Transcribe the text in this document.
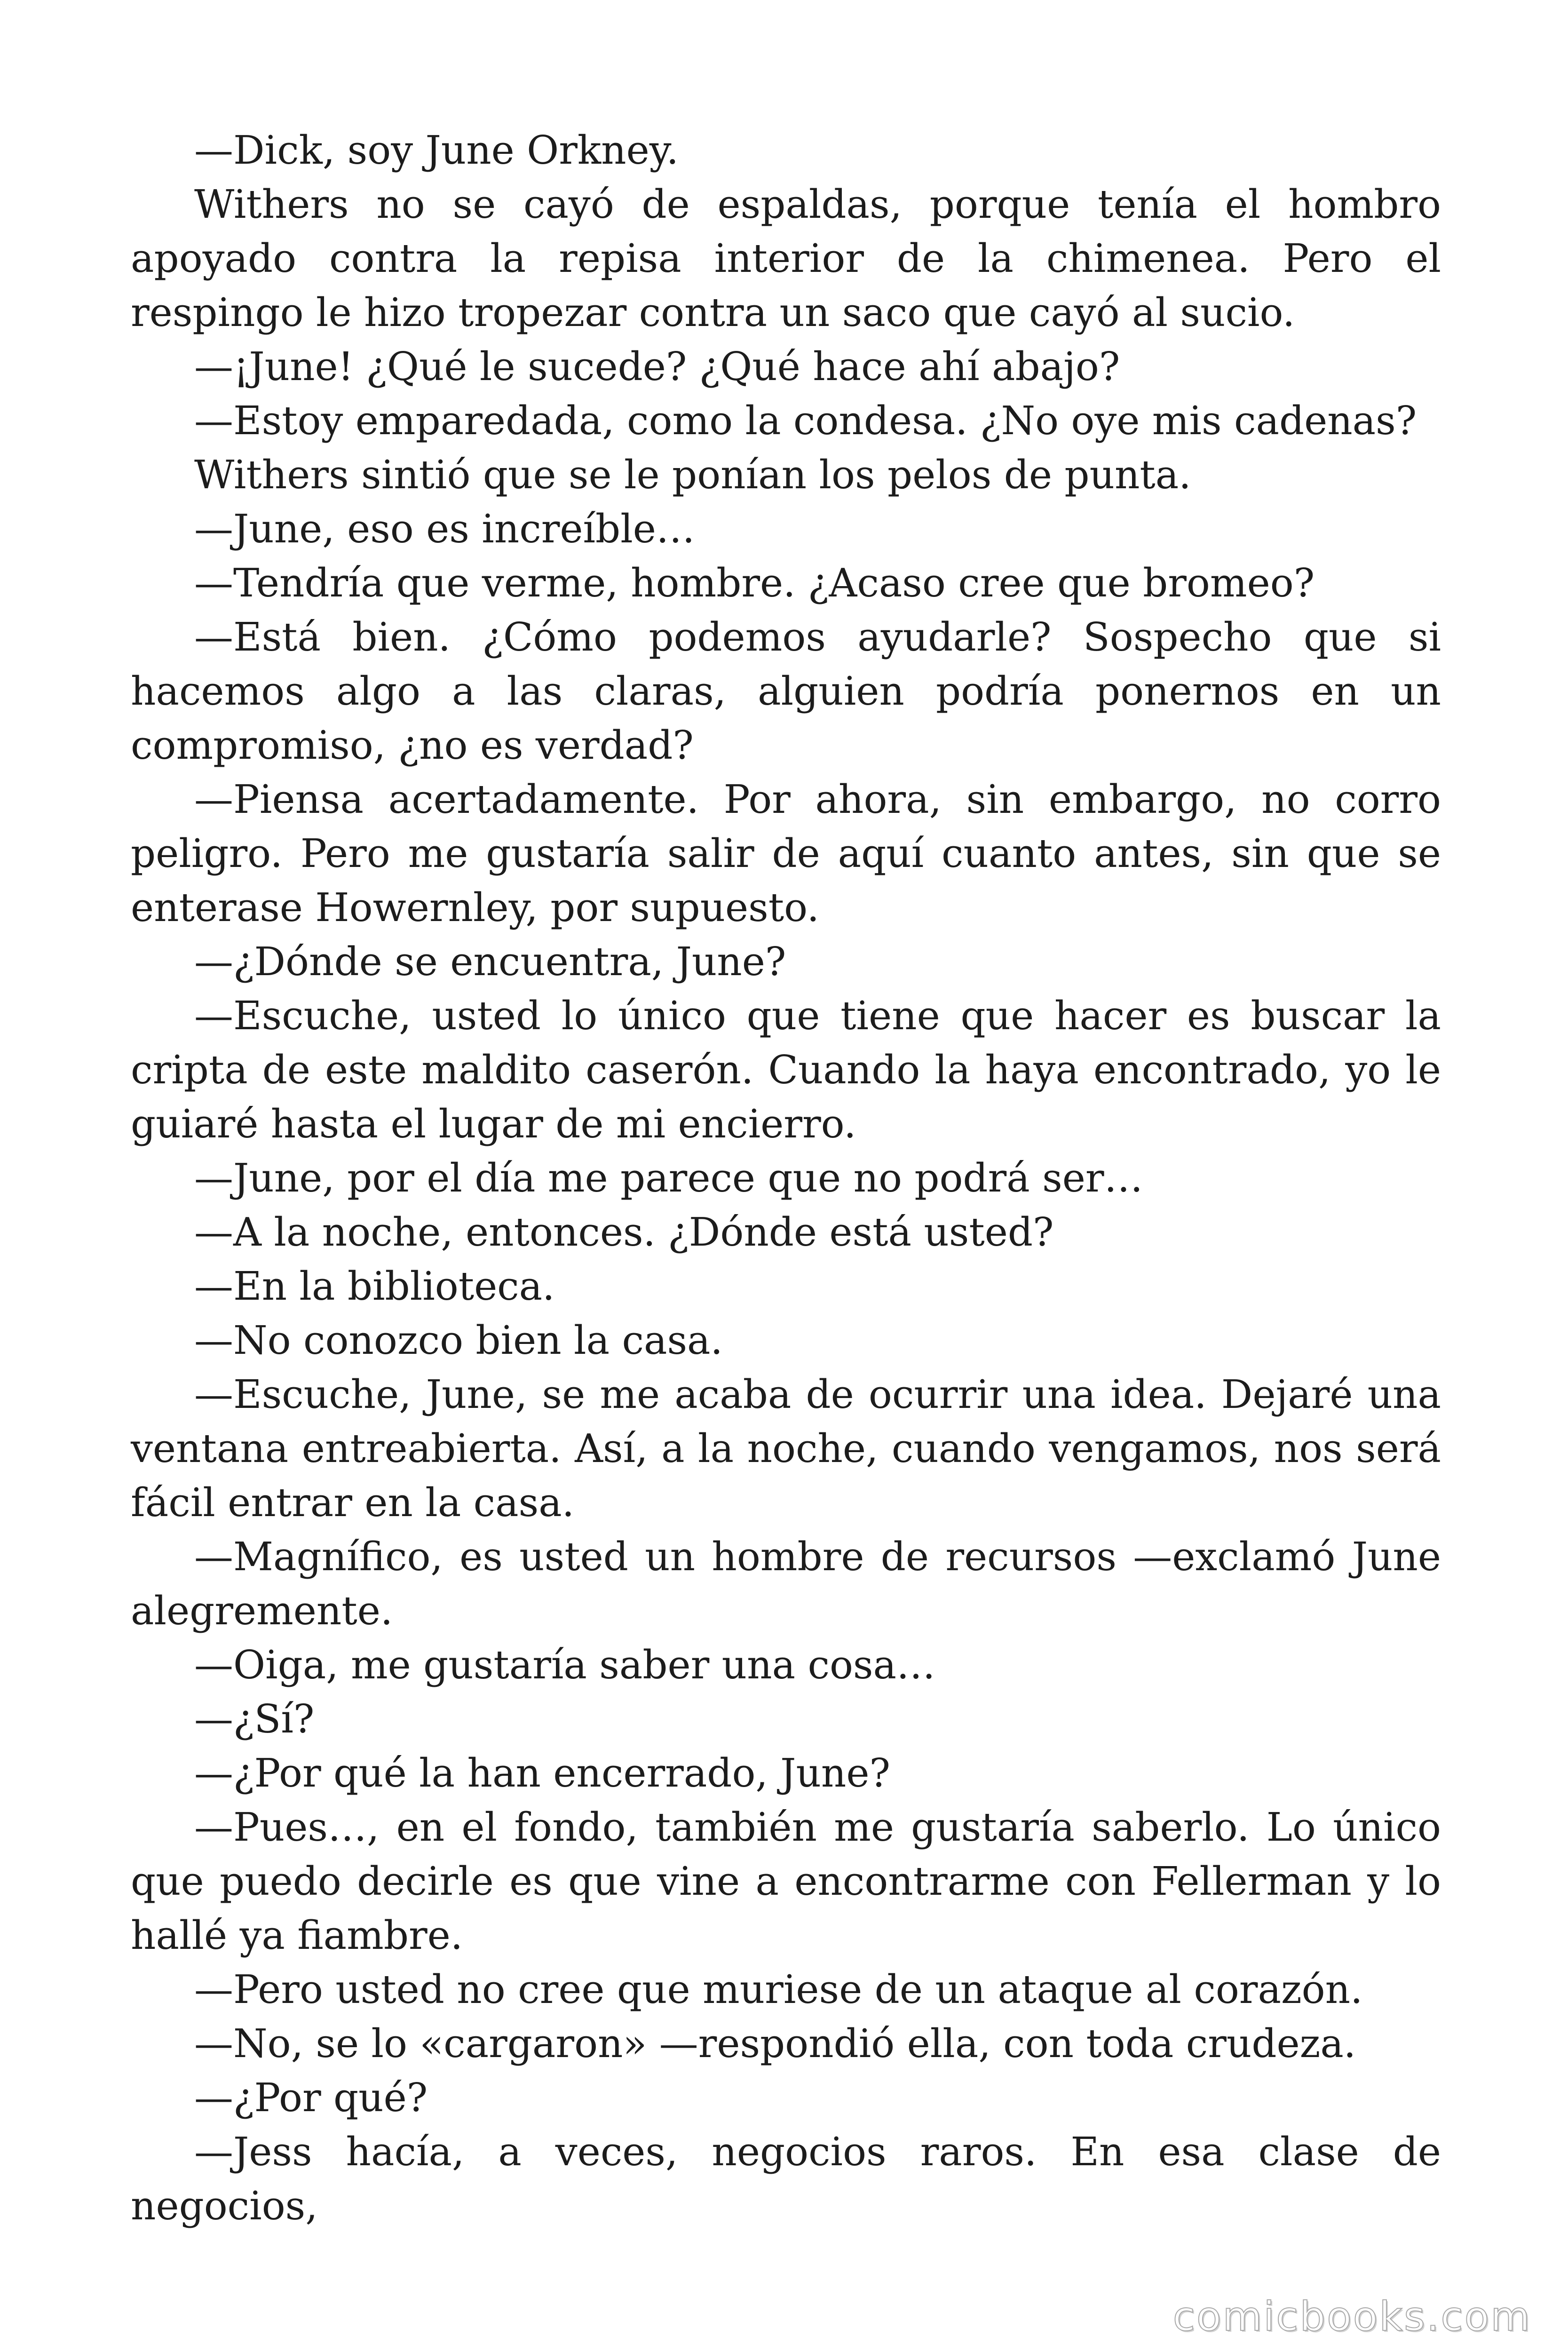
—Dick, soy June Orkney.

Withers no se cayó de espaldas, porque tenía el hombro apoyado contra la repisa interior de la chimenea. Pero el respingo le hizo tropezar contra un saco que cayó al sucio.

—¡June! ¿Qué le sucede? ¿Qué hace ahí abajo?

—Estoy emparedada, como la condesa. ¿No oye mis cadenas?

Withers sintió que se le ponían los pelos de punta.

—June, eso es increíble…

—Tendría que verme, hombre. ¿Acaso cree que bromeo?

—Está bien. ¿Cómo podemos ayudarle? Sospecho que si hacemos algo a las claras, alguien podría ponernos en un compromiso, ¿no es verdad?

—Piensa acertadamente. Por ahora, sin embargo, no corro peligro. Pero me gustaría salir de aquí cuanto antes, sin que se enterase Howernley, por supuesto.

—¿Dónde se encuentra, June?

—Escuche, usted lo único que tiene que hacer es buscar la cripta de este maldito caserón. Cuando la haya encontrado, yo le guiaré hasta el lugar de mi encierro.

—June, por el día me parece que no podrá ser…

—A la noche, entonces. ¿Dónde está usted?

—En la biblioteca.

—No conozco bien la casa.

—Escuche, June, se me acaba de ocurrir una idea. Dejaré una ventana entreabierta. Así, a la noche, cuando vengamos, nos será fácil entrar en la casa.

—Magnífico, es usted un hombre de recursos —exclamó June alegremente.

—Oiga, me gustaría saber una cosa…

—¿Sí?

—¿Por qué la han encerrado, June?

—Pues…, en el fondo, también me gustaría saberlo. Lo único que puedo decirle es que vine a encontrarme con Fellerman y lo hallé ya fiambre.

—Pero usted no cree que muriese de un ataque al corazón.

—No, se lo «cargaron» —respondió ella, con toda crudeza.

—¿Por qué?

—Jess hacía, a veces, negocios raros. En esa clase de negocios,

comicbooks.com
